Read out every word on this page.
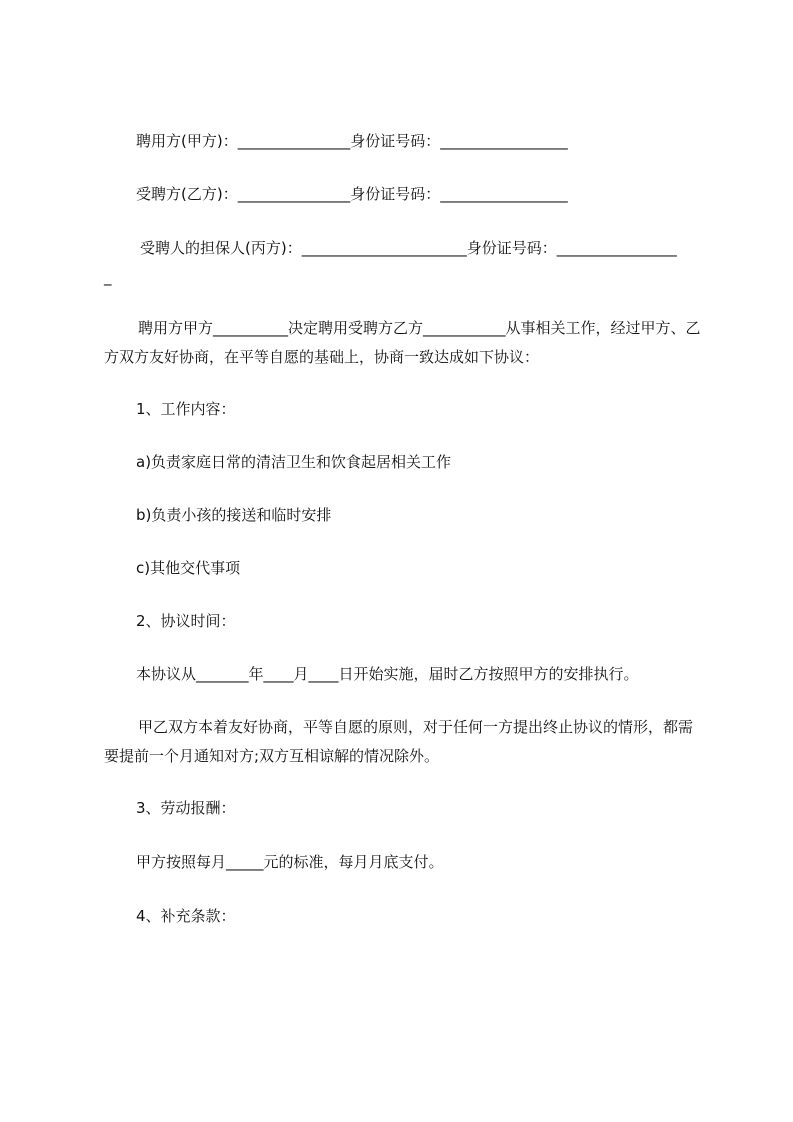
聘用方(甲方)：_______________身份证号码：_________________
受聘方(乙方)：_______________身份证号码：_________________
受聘人的担保人(丙方)：______________________身份证号码：________________
_
聘用方甲方__________决定聘用受聘方乙方___________从事相关工作，经过甲方、乙方双方友好协商，在平等自愿的基础上，协商一致达成如下协议：
1、工作内容：
a)负责家庭日常的清洁卫生和饮食起居相关工作
b)负责小孩的接送和临时安排
c)其他交代事项
2、协议时间：
本协议从_______年____月____日开始实施，届时乙方按照甲方的安排执行。
甲乙双方本着友好协商，平等自愿的原则，对于任何一方提出终止协议的情形，都需要提前一个月通知对方;双方互相谅解的情况除外。
3、劳动报酬：
甲方按照每月_____元的标准，每月月底支付。
4、补充条款：
